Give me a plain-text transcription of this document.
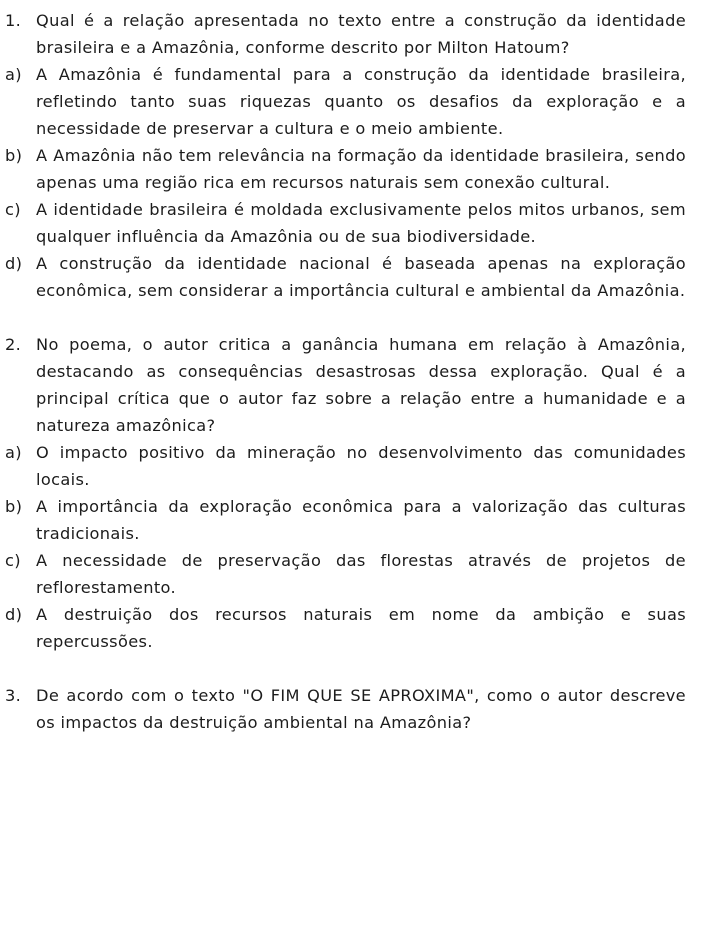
1. Qual é a relação apresentada no texto entre a construção da identidade brasileira e a Amazônia, conforme descrito por Milton Hatoum?
a) A Amazônia é fundamental para a construção da identidade brasileira, refletindo tanto suas riquezas quanto os desafios da exploração e a necessidade de preservar a cultura e o meio ambiente.
b) A Amazônia não tem relevância na formação da identidade brasileira, sendo apenas uma região rica em recursos naturais sem conexão cultural.
c) A identidade brasileira é moldada exclusivamente pelos mitos urbanos, sem qualquer influência da Amazônia ou de sua biodiversidade.
d) A construção da identidade nacional é baseada apenas na exploração econômica, sem considerar a importância cultural e ambiental da Amazônia.
2. No poema, o autor critica a ganância humana em relação à Amazônia, destacando as consequências desastrosas dessa exploração. Qual é a principal crítica que o autor faz sobre a relação entre a humanidade e a natureza amazônica?
a) O impacto positivo da mineração no desenvolvimento das comunidades locais.
b) A importância da exploração econômica para a valorização das culturas tradicionais.
c) A necessidade de preservação das florestas através de projetos de reflorestamento.
d) A destruição dos recursos naturais em nome da ambição e suas repercussões.
3. De acordo com o texto "O FIM QUE SE APROXIMA", como o autor descreve os impactos da destruição ambiental na Amazônia?
